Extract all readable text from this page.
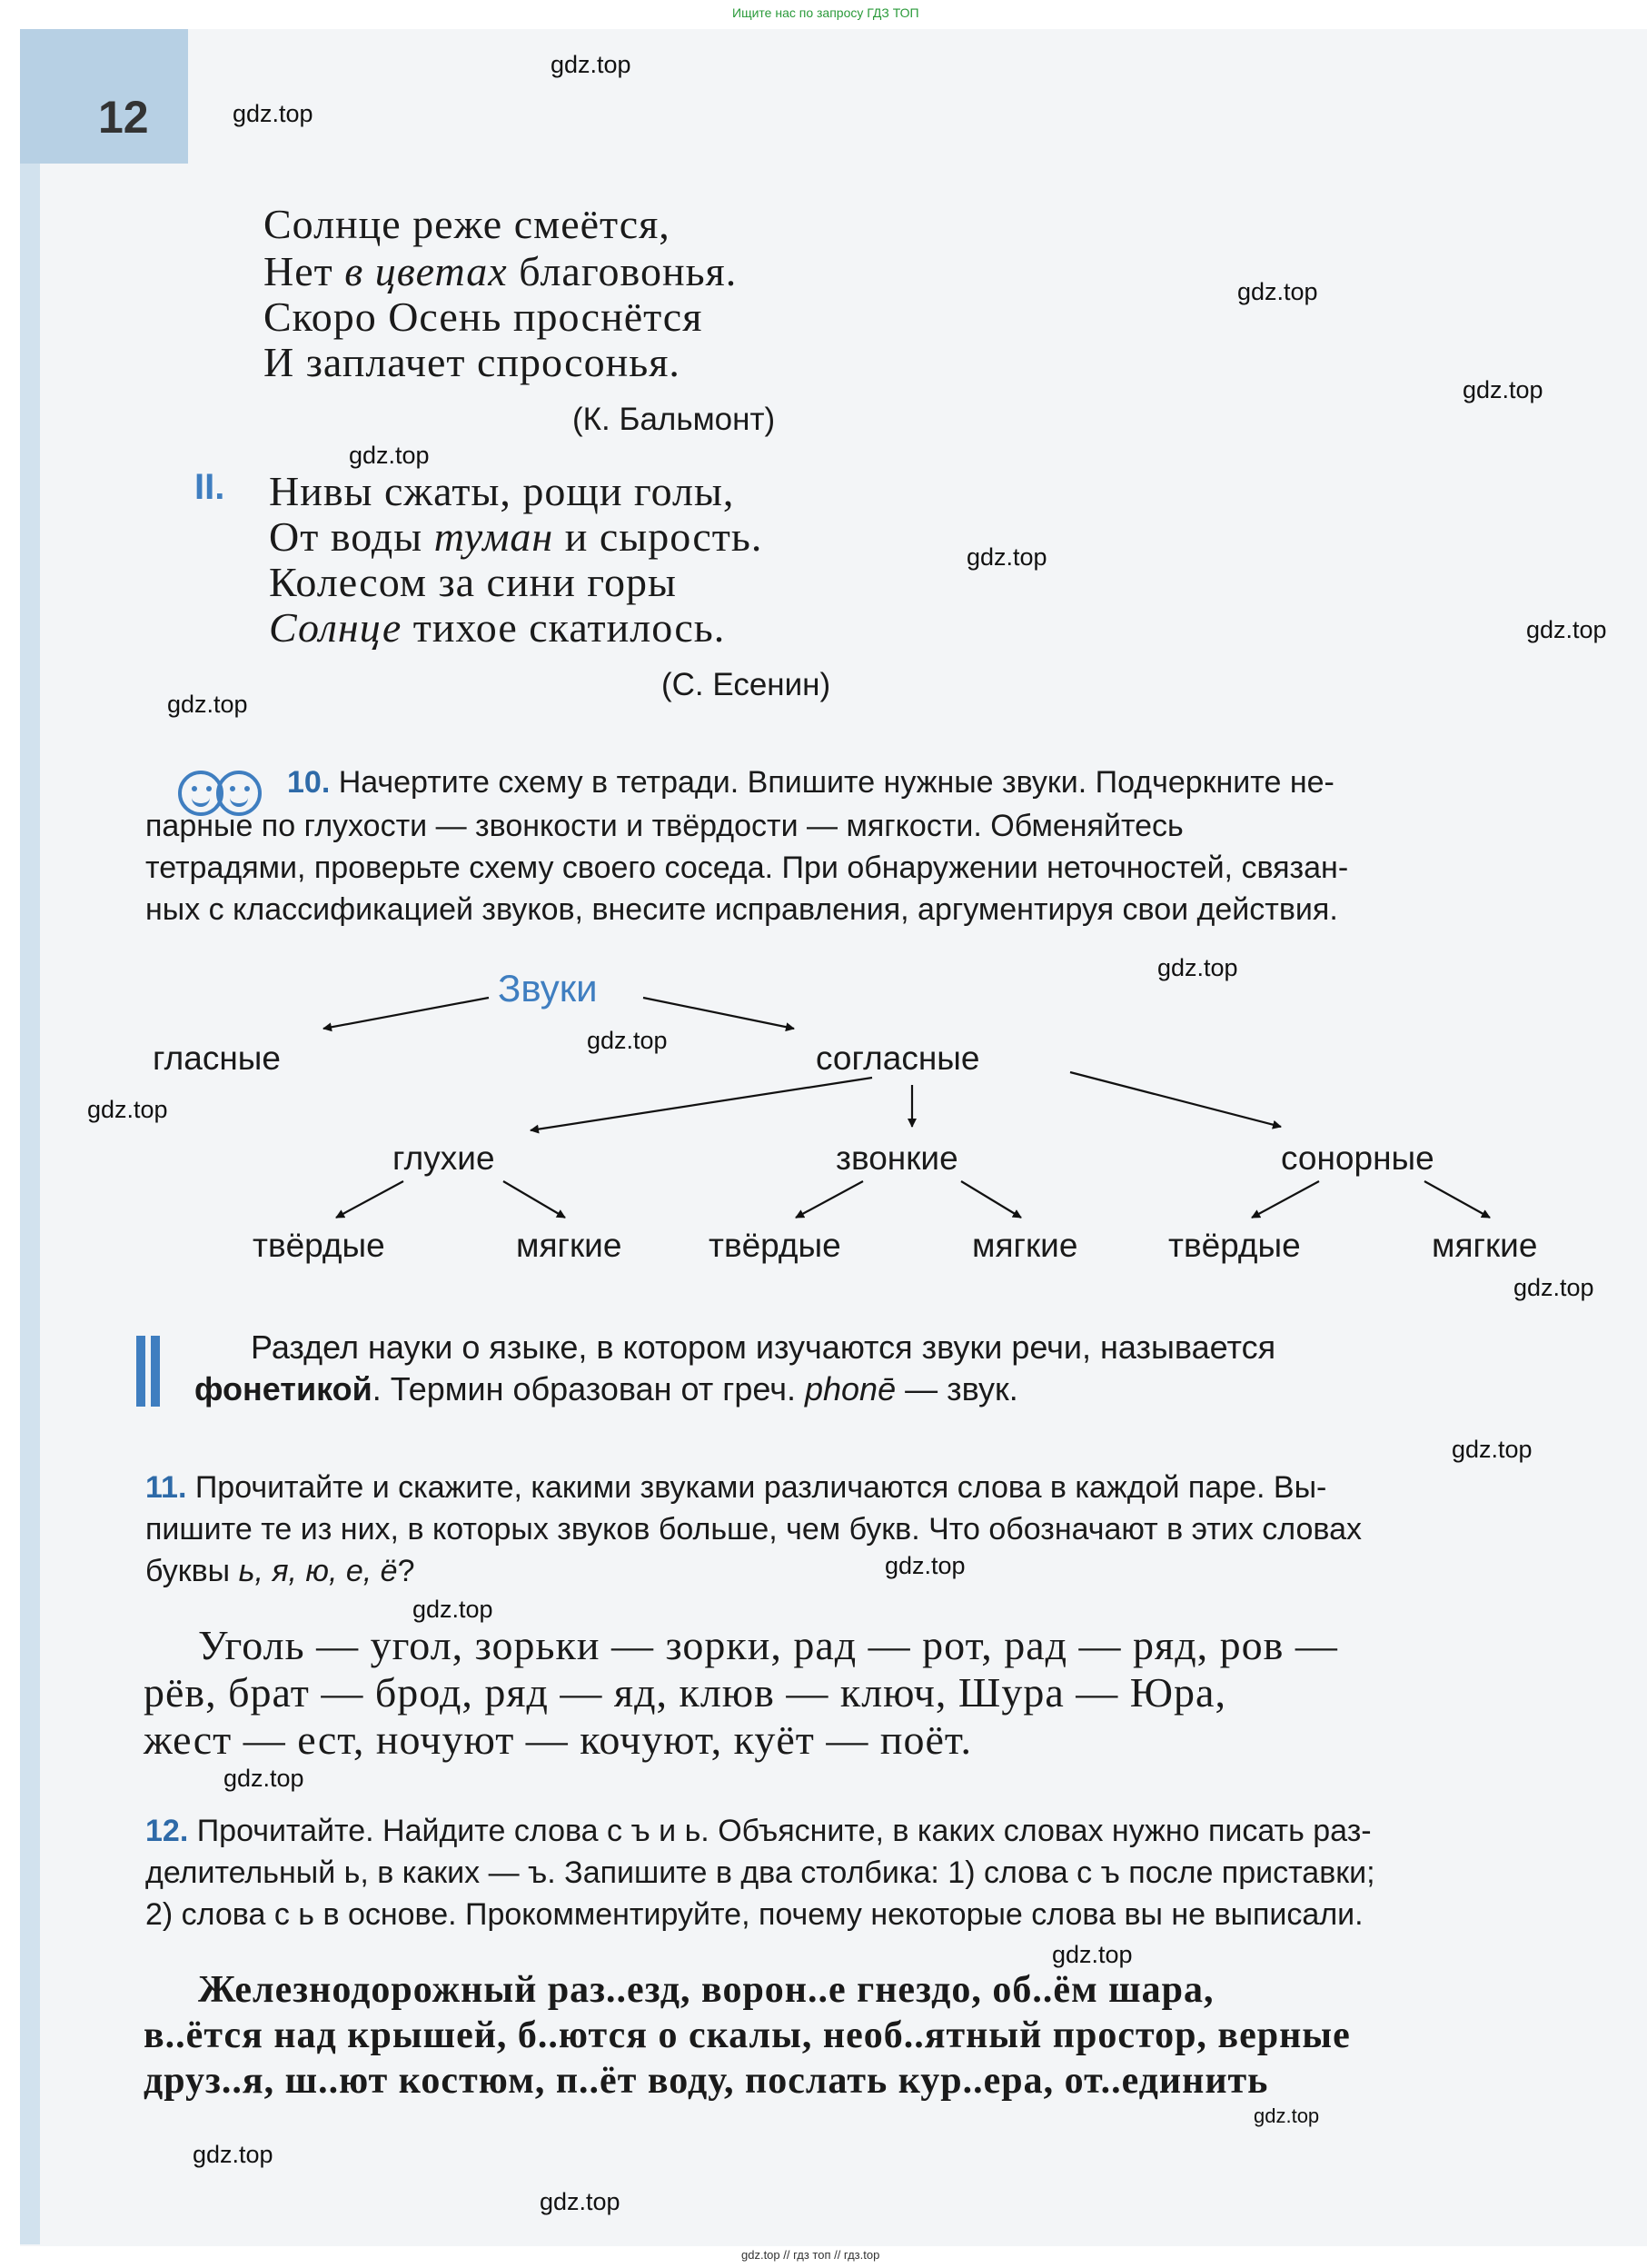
Ищите нас по запросу ГДЗ ТОП
12
Солнце реже смеётся,
Нет в цветах благовонья.
Скоро Осень проснётся
И заплачет спросонья.
(К. Бальмонт)
II. Нивы сжаты, рощи голы,
От воды туман и сырость.
Колесом за сини горы
Солнце тихое скатилось.
(С. Есенин)
10. Начертите схему в тетради. Впишите нужные звуки. Подчеркните не-
парные по глухости — звонкости и твёрдости — мягкости. Обменяйтесь
тетрадями, проверьте схему своего соседа. При обнаружении неточностей, связан-
ных с классификацией звуков, внесите исправления, аргументируя свои действия.
Звуки
гласные	согласные
глухие	звонкие	сонорные
твёрдые	мягкие	твёрдые	мягкие	твёрдые	мягкие
Раздел науки о языке, в котором изучаются звуки речи, называется
фонетикой. Термин образован от греч. phonē — звук.
11. Прочитайте и скажите, какими звуками различаются слова в каждой паре. Вы-
пишите те из них, в которых звуков больше, чем букв. Что обозначают в этих словах
буквы ь, я, ю, е, ё?
Уголь — угол, зорьки — зорки, рад — рот, рад — ряд, ров —
рёв, брат — брод, ряд — яд, клюв — ключ, Шура — Юра,
жест — ест, ночуют — кочуют, куёт — поёт.
12. Прочитайте. Найдите слова с ъ и ь. Объясните, в каких словах нужно писать раз-
делительный ь, в каких — ъ. Запишите в два столбика: 1) слова с ъ после приставки;
2) слова с ь в основе. Прокомментируйте, почему некоторые слова вы не выписали.
Железнодорожный раз..езд, ворон..е гнездо, об..ём шара,
в..ётся над крышей, б..ются о скалы, необ..ятный простор, верные
друз..я, ш..ют костюм, п..ёт воду, послать кур..ера, от..единить
gdz.top
gdz.top
gdz.top
gdz.top
gdz.top
gdz.top
gdz.top
gdz.top
gdz.top
gdz.top
gdz.top
gdz.top
gdz.top
gdz.top
gdz.top
gdz.top
gdz.top
gdz.top
gdz.top
gdz.top
gdz.top // гдз топ // гдз.top
